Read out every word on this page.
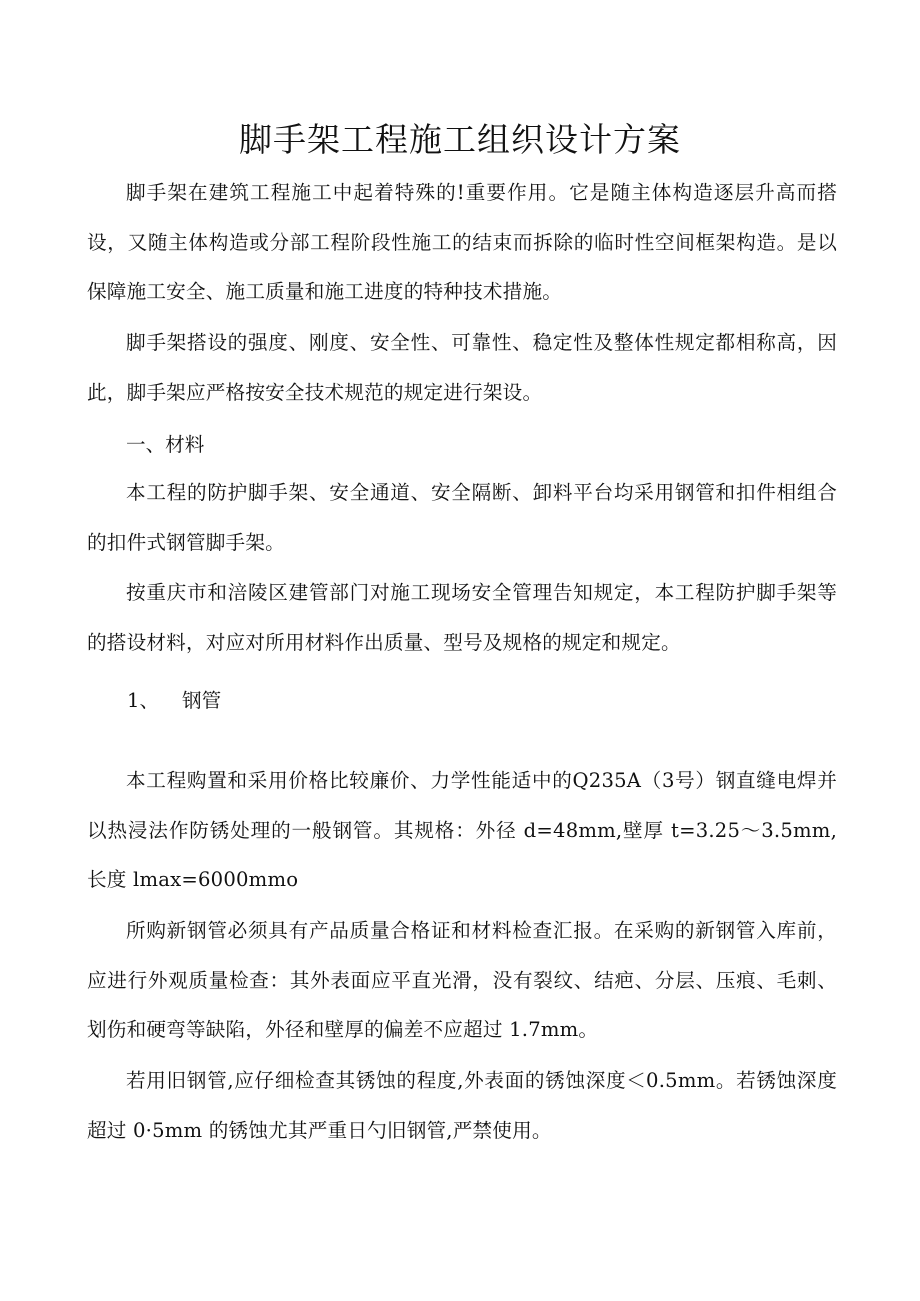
脚手架工程施工组织设计方案

脚手架在建筑工程施工中起着特殊的!重要作用。它是随主体构造逐层升高而搭设，又随主体构造或分部工程阶段性施工的结束而拆除的临时性空间框架构造。是以保障施工安全、施工质量和施工进度的特种技术措施。

脚手架搭设的强度、刚度、安全性、可靠性、稳定性及整体性规定都相称高，因此，脚手架应严格按安全技术规范的规定进行架设。

一、材料

本工程的防护脚手架、安全通道、安全隔断、卸料平台均采用钢管和扣件相组合的扣件式钢管脚手架。

按重庆市和涪陵区建管部门对施工现场安全管理告知规定，本工程防护脚手架等的搭设材料，对应对所用材料作出质量、型号及规格的规定和规定。

1、 钢管

本工程购置和采用价格比较廉价、力学性能适中的Q235A（3号）钢直缝电焊并以热浸法作防锈处理的一般钢管。其规格：外径 d=48mm,壁厚 t=3.25～3.5mm,长度 lmax=6000mmo

所购新钢管必须具有产品质量合格证和材料检查汇报。在采购的新钢管入库前，应进行外观质量检查：其外表面应平直光滑，没有裂纹、结疤、分层、压痕、毛刺、划伤和硬弯等缺陷，外径和壁厚的偏差不应超过 1.7mm。

若用旧钢管,应仔细检查其锈蚀的程度,外表面的锈蚀深度＜0.5mm。若锈蚀深度超过 0·5mm 的锈蚀尤其严重日勺旧钢管,严禁使用。
